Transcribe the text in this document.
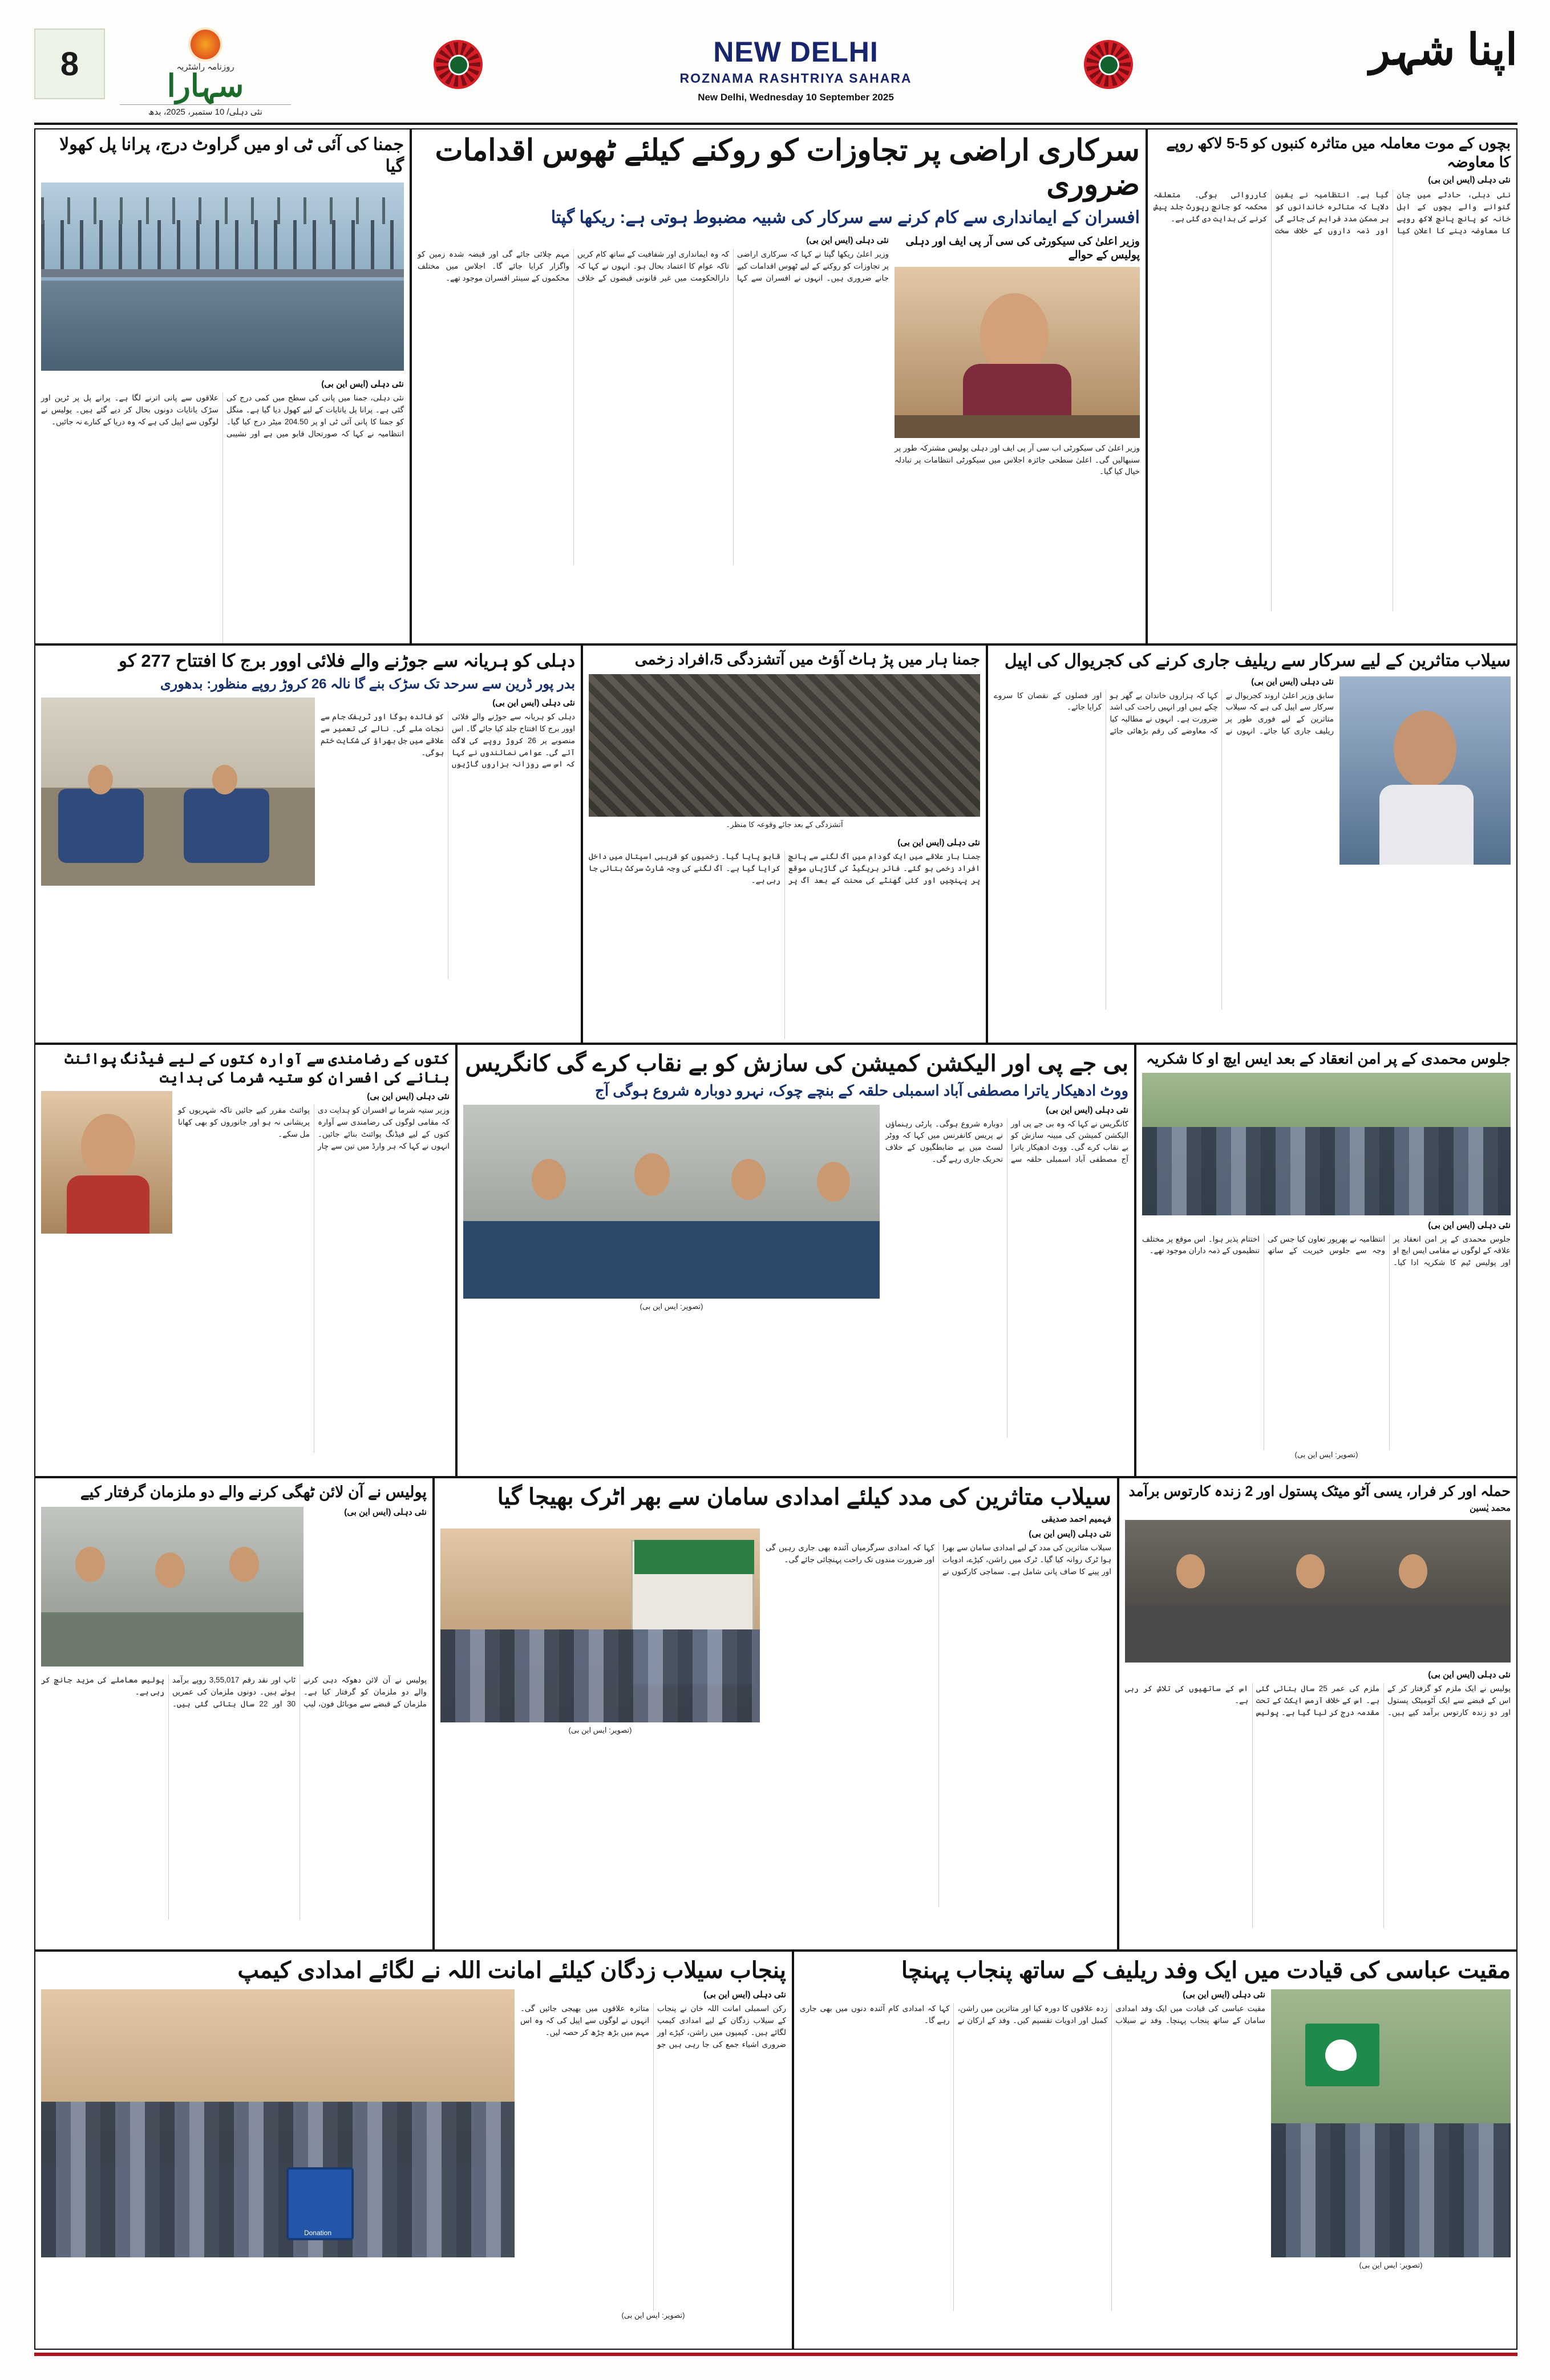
8	روزنامہ راشٹریہ
سہارا
نئی دہلی/ 10 ستمبر، 2025، بدھ
NEW DELHI
ROZNAMA RASHTRIYA SAHARA
New Delhi, Wednesday 10 September 2025
اپنا شہر
جمنا کی آئی ٹی او میں گراوٹ درج، پرانا پل کھولا گیا
نئی دہلی (ایس این بی)
نئی دہلی، جمنا میں پانی کی سطح میں کمی درج کی گئی ہے۔ پرانا پل یاتایات کے لیے کھول دیا گیا ہے۔ منگل کو جمنا کا پانی آئی ٹی او پر 204.50 میٹر درج کیا گیا۔ انتظامیہ نے کہا کہ صورتحال قابو میں ہے اور نشیبی علاقوں سے پانی اترنے لگا ہے۔ پرانے پل پر ٹرین اور سڑک یاتایات دونوں بحال کر دیے گئے ہیں۔ پولیس نے لوگوں سے اپیل کی ہے کہ وہ دریا کے کنارے نہ جائیں۔
سرکاری اراضی پر تجاوزات کو روکنے کیلئے ٹھوس اقدامات ضروری
افسران کے ایمانداری سے کام کرنے سے سرکار کی شبیہ مضبوط ہوتی ہے: ریکھا گپتا
نئی دہلی (ایس این بی)
وزیر اعلیٰ ریکھا گپتا نے کہا کہ سرکاری اراضی پر تجاوزات کو روکنے کے لیے ٹھوس اقدامات کیے جانے ضروری ہیں۔ انہوں نے افسران سے کہا کہ وہ ایمانداری اور شفافیت کے ساتھ کام کریں تاکہ عوام کا اعتماد بحال ہو۔ انہوں نے کہا کہ دارالحکومت میں غیر قانونی قبضوں کے خلاف مہم چلائی جائے گی اور قبضہ شدہ زمین کو واگزار کرایا جائے گا۔ اجلاس میں مختلف محکموں کے سینئر افسران موجود تھے۔
وزیر اعلیٰ کی سیکورٹی کی سی آر پی ایف اور دہلی پولیس کے حوالے
وزیر اعلیٰ کی سیکورٹی اب سی آر پی ایف اور دہلی پولیس مشترکہ طور پر سنبھالیں گی۔ اعلیٰ سطحی جائزہ اجلاس میں سیکورٹی انتظامات پر تبادلہ خیال کیا گیا۔
بچوں کے موت معاملہ میں متاثرہ کنبوں کو 5-5 لاکھ روپے کا معاوضہ
نئی دہلی (ایس این بی)
نئی دہلی، حادثے میں جان گنوانے والے بچوں کے اہل خانہ کو پانچ پانچ لاکھ روپے کا معاوضہ دینے کا اعلان کیا گیا ہے۔ انتظامیہ نے یقین دلایا کہ متاثرہ خاندانوں کو ہر ممکن مدد فراہم کی جائے گی اور ذمہ داروں کے خلاف سخت کارروائی ہوگی۔ متعلقہ محکمہ کو جانچ رپورٹ جلد پیش کرنے کی ہدایت دی گئی ہے۔
دہلی کو ہریانہ سے جوڑنے والے فلائی اوور برج کا افتتاح 277 کو
بدر پور ڈرین سے سرحد تک سڑک بنے گا نالہ 26 کروڑ روپے منظور: بدھوری
نئی دہلی (ایس این بی)
دہلی کو ہریانہ سے جوڑنے والے فلائی اوور برج کا افتتاح جلد کیا جائے گا۔ اس منصوبے پر 26 کروڑ روپے کی لاگت آئے گی۔ عوامی نمائندوں نے کہا کہ اس سے روزانہ ہزاروں گاڑیوں کو فائدہ ہوگا اور ٹریفک جام سے نجات ملے گی۔ نالے کی تعمیر سے علاقے میں جل بھراؤ کی شکایت ختم ہوگی۔
جمنا ہار میں پڑ ہاٹ آؤٹ میں آتشزدگی 5،افراد زخمی
آتشزدگی کے بعد جائے وقوعہ کا منظر۔
نئی دہلی (ایس این بی)
جمنا ہار علاقے میں ایک گودام میں آگ لگنے سے پانچ افراد زخمی ہو گئے۔ فائر بریگیڈ کی گاڑیاں موقع پر پہنچیں اور کئی گھنٹے کی محنت کے بعد آگ پر قابو پایا گیا۔ زخمیوں کو قریبی اسپتال میں داخل کرایا گیا ہے۔ آگ لگنے کی وجہ شارٹ سرکٹ بتائی جا رہی ہے۔
سیلاب متاثرین کے لیے سرکار سے ریلیف جاری کرنے کی کجریوال کی اپیل
نئی دہلی (ایس این بی)
سابق وزیر اعلیٰ اروند کجریوال نے سرکار سے اپیل کی ہے کہ سیلاب متاثرین کے لیے فوری طور پر ریلیف جاری کیا جائے۔ انہوں نے کہا کہ ہزاروں خاندان بے گھر ہو چکے ہیں اور انہیں راحت کی اشد ضرورت ہے۔ انہوں نے مطالبہ کیا کہ معاوضے کی رقم بڑھائی جائے اور فصلوں کے نقصان کا سروے کرایا جائے۔
کتوں کے رضامندی سے آوارہ کتوں کے لیے فیڈنگ پوائنٹ بنانے کی افسران کو ستیہ شرما کی ہدایت
نئی دہلی (ایس این بی)
وزیر ستیہ شرما نے افسران کو ہدایت دی کہ مقامی لوگوں کی رضامندی سے آوارہ کتوں کے لیے فیڈنگ پوائنٹ بنائے جائیں۔ انہوں نے کہا کہ ہر وارڈ میں تین سے چار پوائنٹ مقرر کیے جائیں تاکہ شہریوں کو پریشانی نہ ہو اور جانوروں کو بھی کھانا مل سکے۔
بی جے پی اور الیکشن کمیشن کی سازش کو بے نقاب کرے گی کانگریس
ووٹ ادھیکار یاترا مصطفی آباد اسمبلی حلقہ کے بنچے چوک، نہرو دوبارہ شروع ہوگی آج
(تصویر: ایس این بی)
نئی دہلی (ایس این بی)
کانگریس نے کہا کہ وہ بی جے پی اور الیکشن کمیشن کی مبینہ سازش کو بے نقاب کرے گی۔ ووٹ ادھیکار یاترا آج مصطفی آباد اسمبلی حلقہ سے دوبارہ شروع ہوگی۔ پارٹی رہنماؤں نے پریس کانفرنس میں کہا کہ ووٹر لسٹ میں بے ضابطگیوں کے خلاف تحریک جاری رہے گی۔
جلوس محمدی کے پر امن انعقاد کے بعد ایس ایچ او کا شکریہ
نئی دہلی (ایس این بی)
جلوس محمدی کے پر امن انعقاد پر علاقہ کے لوگوں نے مقامی ایس ایچ او اور پولیس ٹیم کا شکریہ ادا کیا۔ انتظامیہ نے بھرپور تعاون کیا جس کی وجہ سے جلوس خیریت کے ساتھ اختتام پذیر ہوا۔ اس موقع پر مختلف تنظیموں کے ذمہ داران موجود تھے۔
(تصویر: ایس این بی)
پولیس نے آن لائن ٹھگی کرنے والے دو ملزمان گرفتار کیے
نئی دہلی (ایس این بی)
پولیس نے آن لائن دھوکہ دہی کرنے والے دو ملزمان کو گرفتار کیا ہے۔ ملزمان کے قبضے سے موبائل فون، لیپ ٹاپ اور نقد رقم 3,55,017 روپے برآمد ہوئے ہیں۔ دونوں ملزمان کی عمریں 30 اور 22 سال بتائی گئی ہیں۔ پولیس معاملے کی مزید جانچ کر رہی ہے۔
سیلاب متاثرین کی مدد کیلئے امدادی سامان سے بھر اٹرک بھیجا گیا
فہمیم احمد صدیقی
(تصویر: ایس این بی)
نئی دہلی (ایس این بی)
سیلاب متاثرین کی مدد کے لیے امدادی سامان سے بھرا ہوا ٹرک روانہ کیا گیا۔ ٹرک میں راشن، کپڑے، ادویات اور پینے کا صاف پانی شامل ہے۔ سماجی کارکنوں نے کہا کہ امدادی سرگرمیاں آئندہ بھی جاری رہیں گی اور ضرورت مندوں تک راحت پہنچائی جائے گی۔
حملہ اور کر فرار، یسی آٹو میٹک پستول اور 2 زندہ کارتوس برآمد
محمد یٰسین
نئی دہلی (ایس این بی)
پولیس نے ایک ملزم کو گرفتار کر کے اس کے قبضے سے ایک آٹومیٹک پستول اور دو زندہ کارتوس برآمد کیے ہیں۔ ملزم کی عمر 25 سال بتائی گئی ہے۔ اس کے خلاف آرمس ایکٹ کے تحت مقدمہ درج کر لیا گیا ہے۔ پولیس اس کے ساتھیوں کی تلاش کر رہی ہے۔
پنجاب سیلاب زدگان کیلئے امانت اللہ نے لگائے امدادی کیمپ
Donation
نئی دہلی (ایس این بی)
رکن اسمبلی امانت اللہ خان نے پنجاب کے سیلاب زدگان کے لیے امدادی کیمپ لگائے ہیں۔ کیمپوں میں راشن، کپڑے اور ضروری اشیاء جمع کی جا رہی ہیں جو متاثرہ علاقوں میں بھیجی جائیں گی۔ انہوں نے لوگوں سے اپیل کی کہ وہ اس مہم میں بڑھ چڑھ کر حصہ لیں۔
(تصویر: ایس این بی)
مقیت عباسی کی قیادت میں ایک وفد ریلیف کے ساتھ پنجاب پہنچا
نئی دہلی (ایس این بی)
مقیت عباسی کی قیادت میں ایک وفد امدادی سامان کے ساتھ پنجاب پہنچا۔ وفد نے سیلاب زدہ علاقوں کا دورہ کیا اور متاثرین میں راشن، کمبل اور ادویات تقسیم کیں۔ وفد کے ارکان نے کہا کہ امدادی کام آئندہ دنوں میں بھی جاری رہے گا۔
(تصویر: ایس این بی)
